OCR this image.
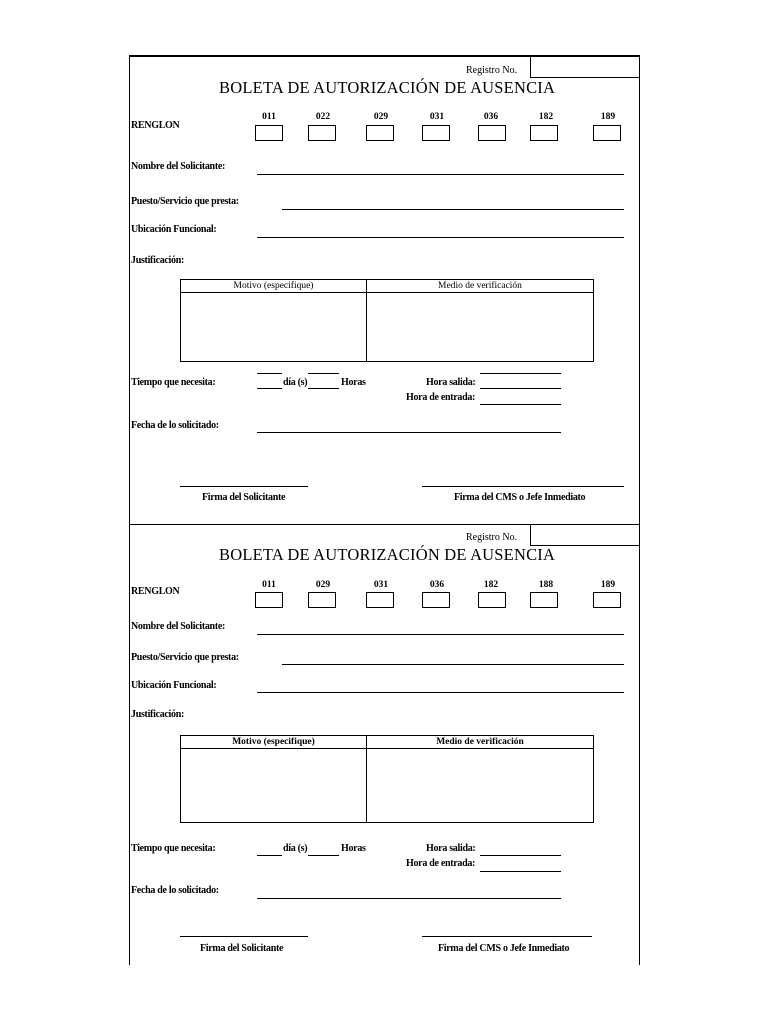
Registro No.
BOLETA DE AUTORIZACIÓN DE AUSENCIA
RENGLON
011	022	029	031	036	182	189
Nombre del Solicitante:
Puesto/Servicio que presta:
Ubicación Funcional:
Justificación:
Motivo (especifique)	Medio de verificación
Tiempo que necesita:	día (s)	Horas	Hora salida:
Hora de entrada:
Fecha de lo solicitado:
Firma del Solicitante	Firma del CMS o Jefe Inmediato
Registro No.
BOLETA DE AUTORIZACIÓN DE AUSENCIA
RENGLON
011	029	031	036	182	188	189
Nombre del Solicitante:
Puesto/Servicio que presta:
Ubicación Funcional:
Justificación:
Motivo (especifique)	Medio de verificación
Tiempo que necesita:	día (s)	Horas	Hora salida:
Hora de entrada:
Fecha de lo solicitado:
Firma del Solicitante	Firma del CMS o Jefe Inmediato
